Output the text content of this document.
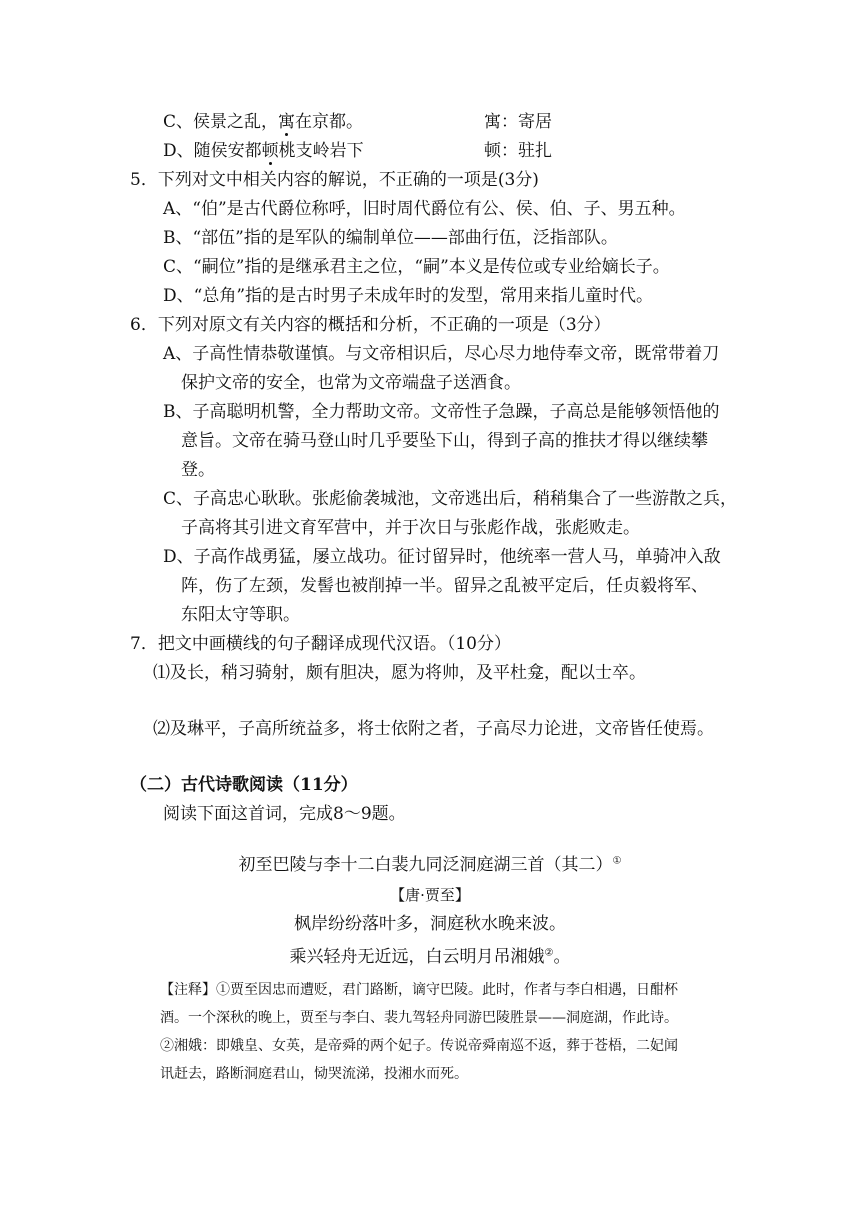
C、侯景之乱，寓在京都。	寓：寄居
D、随侯安都顿桃支岭岩下	顿：驻扎
5．下列对文中相关内容的解说，不正确的一项是(3分)
A、“伯”是古代爵位称呼，旧时周代爵位有公、侯、伯、子、男五种。
B、“部伍”指的是军队的编制单位——部曲行伍，泛指部队。
C、“嗣位”指的是继承君主之位，“嗣”本义是传位或专业给嫡长子。
D、“总角”指的是古时男子未成年时的发型，常用来指儿童时代。
6．下列对原文有关内容的概括和分析，不正确的一项是（3分）
A、子高性情恭敬谨慎。与文帝相识后，尽心尽力地侍奉文帝，既常带着刀
保护文帝的安全，也常为文帝端盘子送酒食。
B、子高聪明机警，全力帮助文帝。文帝性子急躁，子高总是能够领悟他的
意旨。文帝在骑马登山时几乎要坠下山，得到子高的推扶才得以继续攀
登。
C、子高忠心耿耿。张彪偷袭城池，文帝逃出后，稍稍集合了一些游散之兵，
子高将其引进文育军营中，并于次日与张彪作战，张彪败走。
D、子高作战勇猛，屡立战功。征讨留异时，他统率一营人马，单骑冲入敌
阵，伤了左颈，发髻也被削掉一半。留异之乱被平定后，任贞毅将军、
东阳太守等职。
7．把文中画横线的句子翻译成现代汉语。（10分）
⑴及长，稍习骑射，颇有胆决，愿为将帅，及平杜龛，配以士卒。
⑵及琳平，子高所统益多，将士依附之者，子高尽力论进，文帝皆任使焉。
（二）古代诗歌阅读（11分）
阅读下面这首词，完成8～9题。
初至巴陵与李十二白裴九同泛洞庭湖三首（其二）①
【唐·贾至】
枫岸纷纷落叶多，洞庭秋水晚来波。
乘兴轻舟无近远，白云明月吊湘娥②。
【注释】①贾至因忠而遭贬，君门路断，谪守巴陵。此时，作者与李白相遇，日酣杯
酒。一个深秋的晚上，贾至与李白、裴九驾轻舟同游巴陵胜景——洞庭湖，作此诗。
②湘娥：即娥皇、女英，是帝舜的两个妃子。传说帝舜南巡不返，葬于苍梧，二妃闻
讯赶去，路断洞庭君山，恸哭流涕，投湘水而死。
